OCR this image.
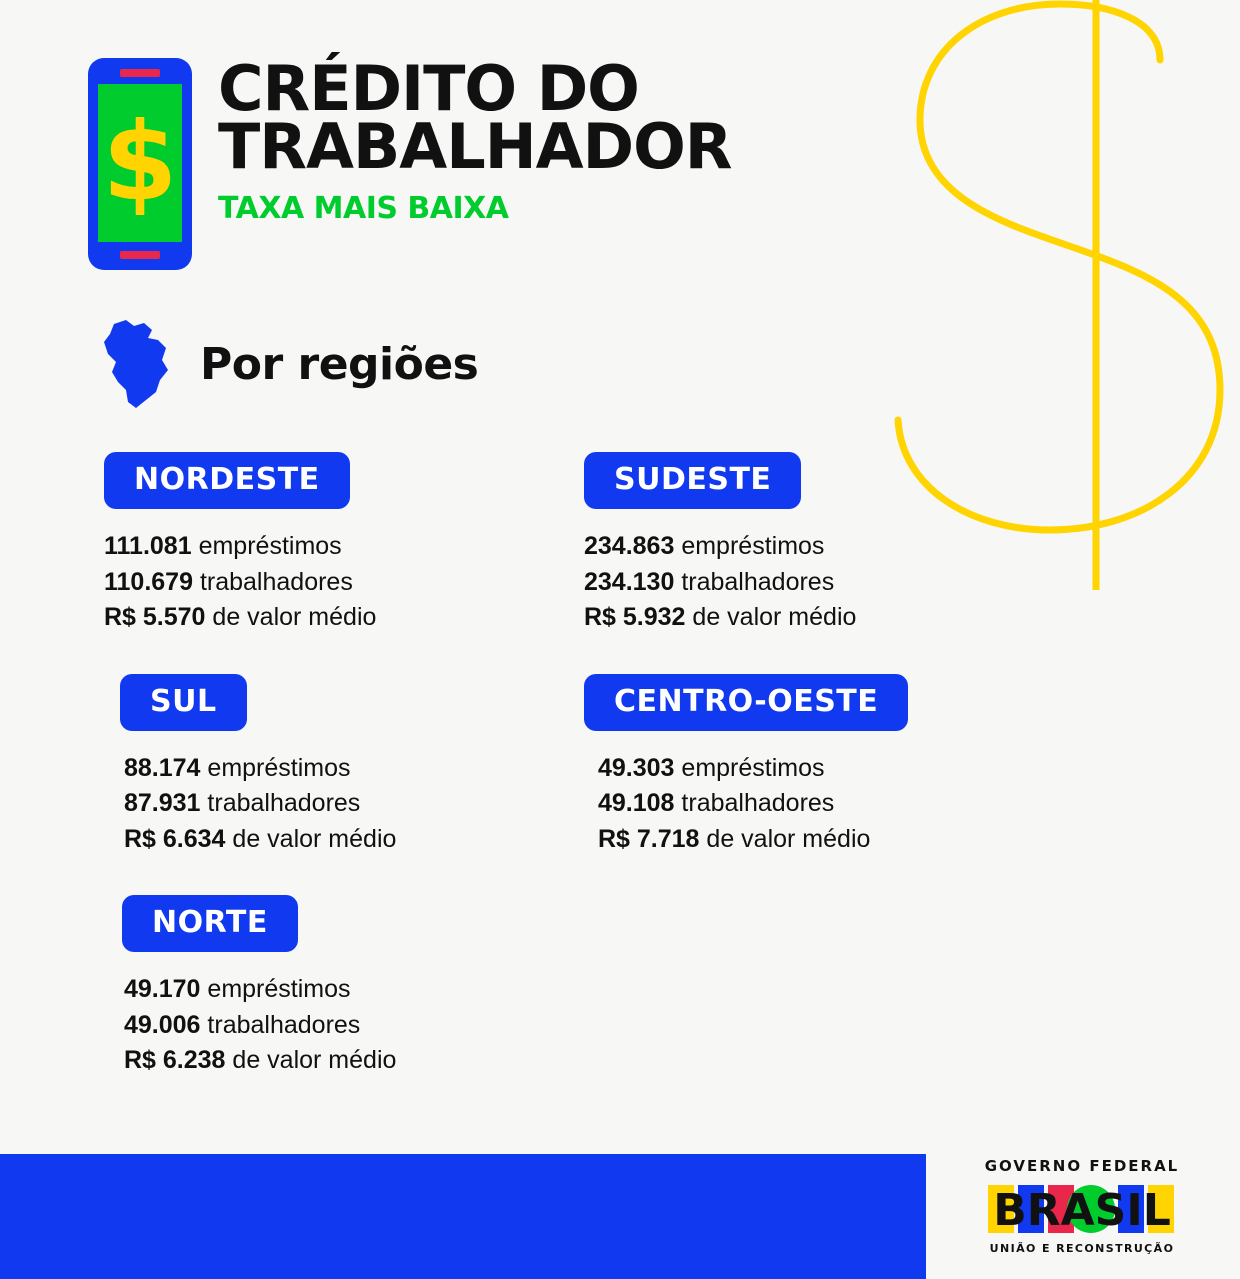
$
CRÉDITO DO
TRABALHADOR
TAXA MAIS BAIXA
Por regiões
NORDESTE
111.081 empréstimos
110.679 trabalhadores
R$ 5.570 de valor médio
SUDESTE
234.863 empréstimos
234.130 trabalhadores
R$ 5.932 de valor médio
SUL
88.174 empréstimos
87.931 trabalhadores
R$ 6.634 de valor médio
CENTRO-OESTE
49.303 empréstimos
49.108 trabalhadores
R$ 7.718 de valor médio
NORTE
49.170 empréstimos
49.006 trabalhadores
R$ 6.238 de valor médio
GOVERNO FEDERAL
BRASIL
UNIÃO E RECONSTRUÇÃO
